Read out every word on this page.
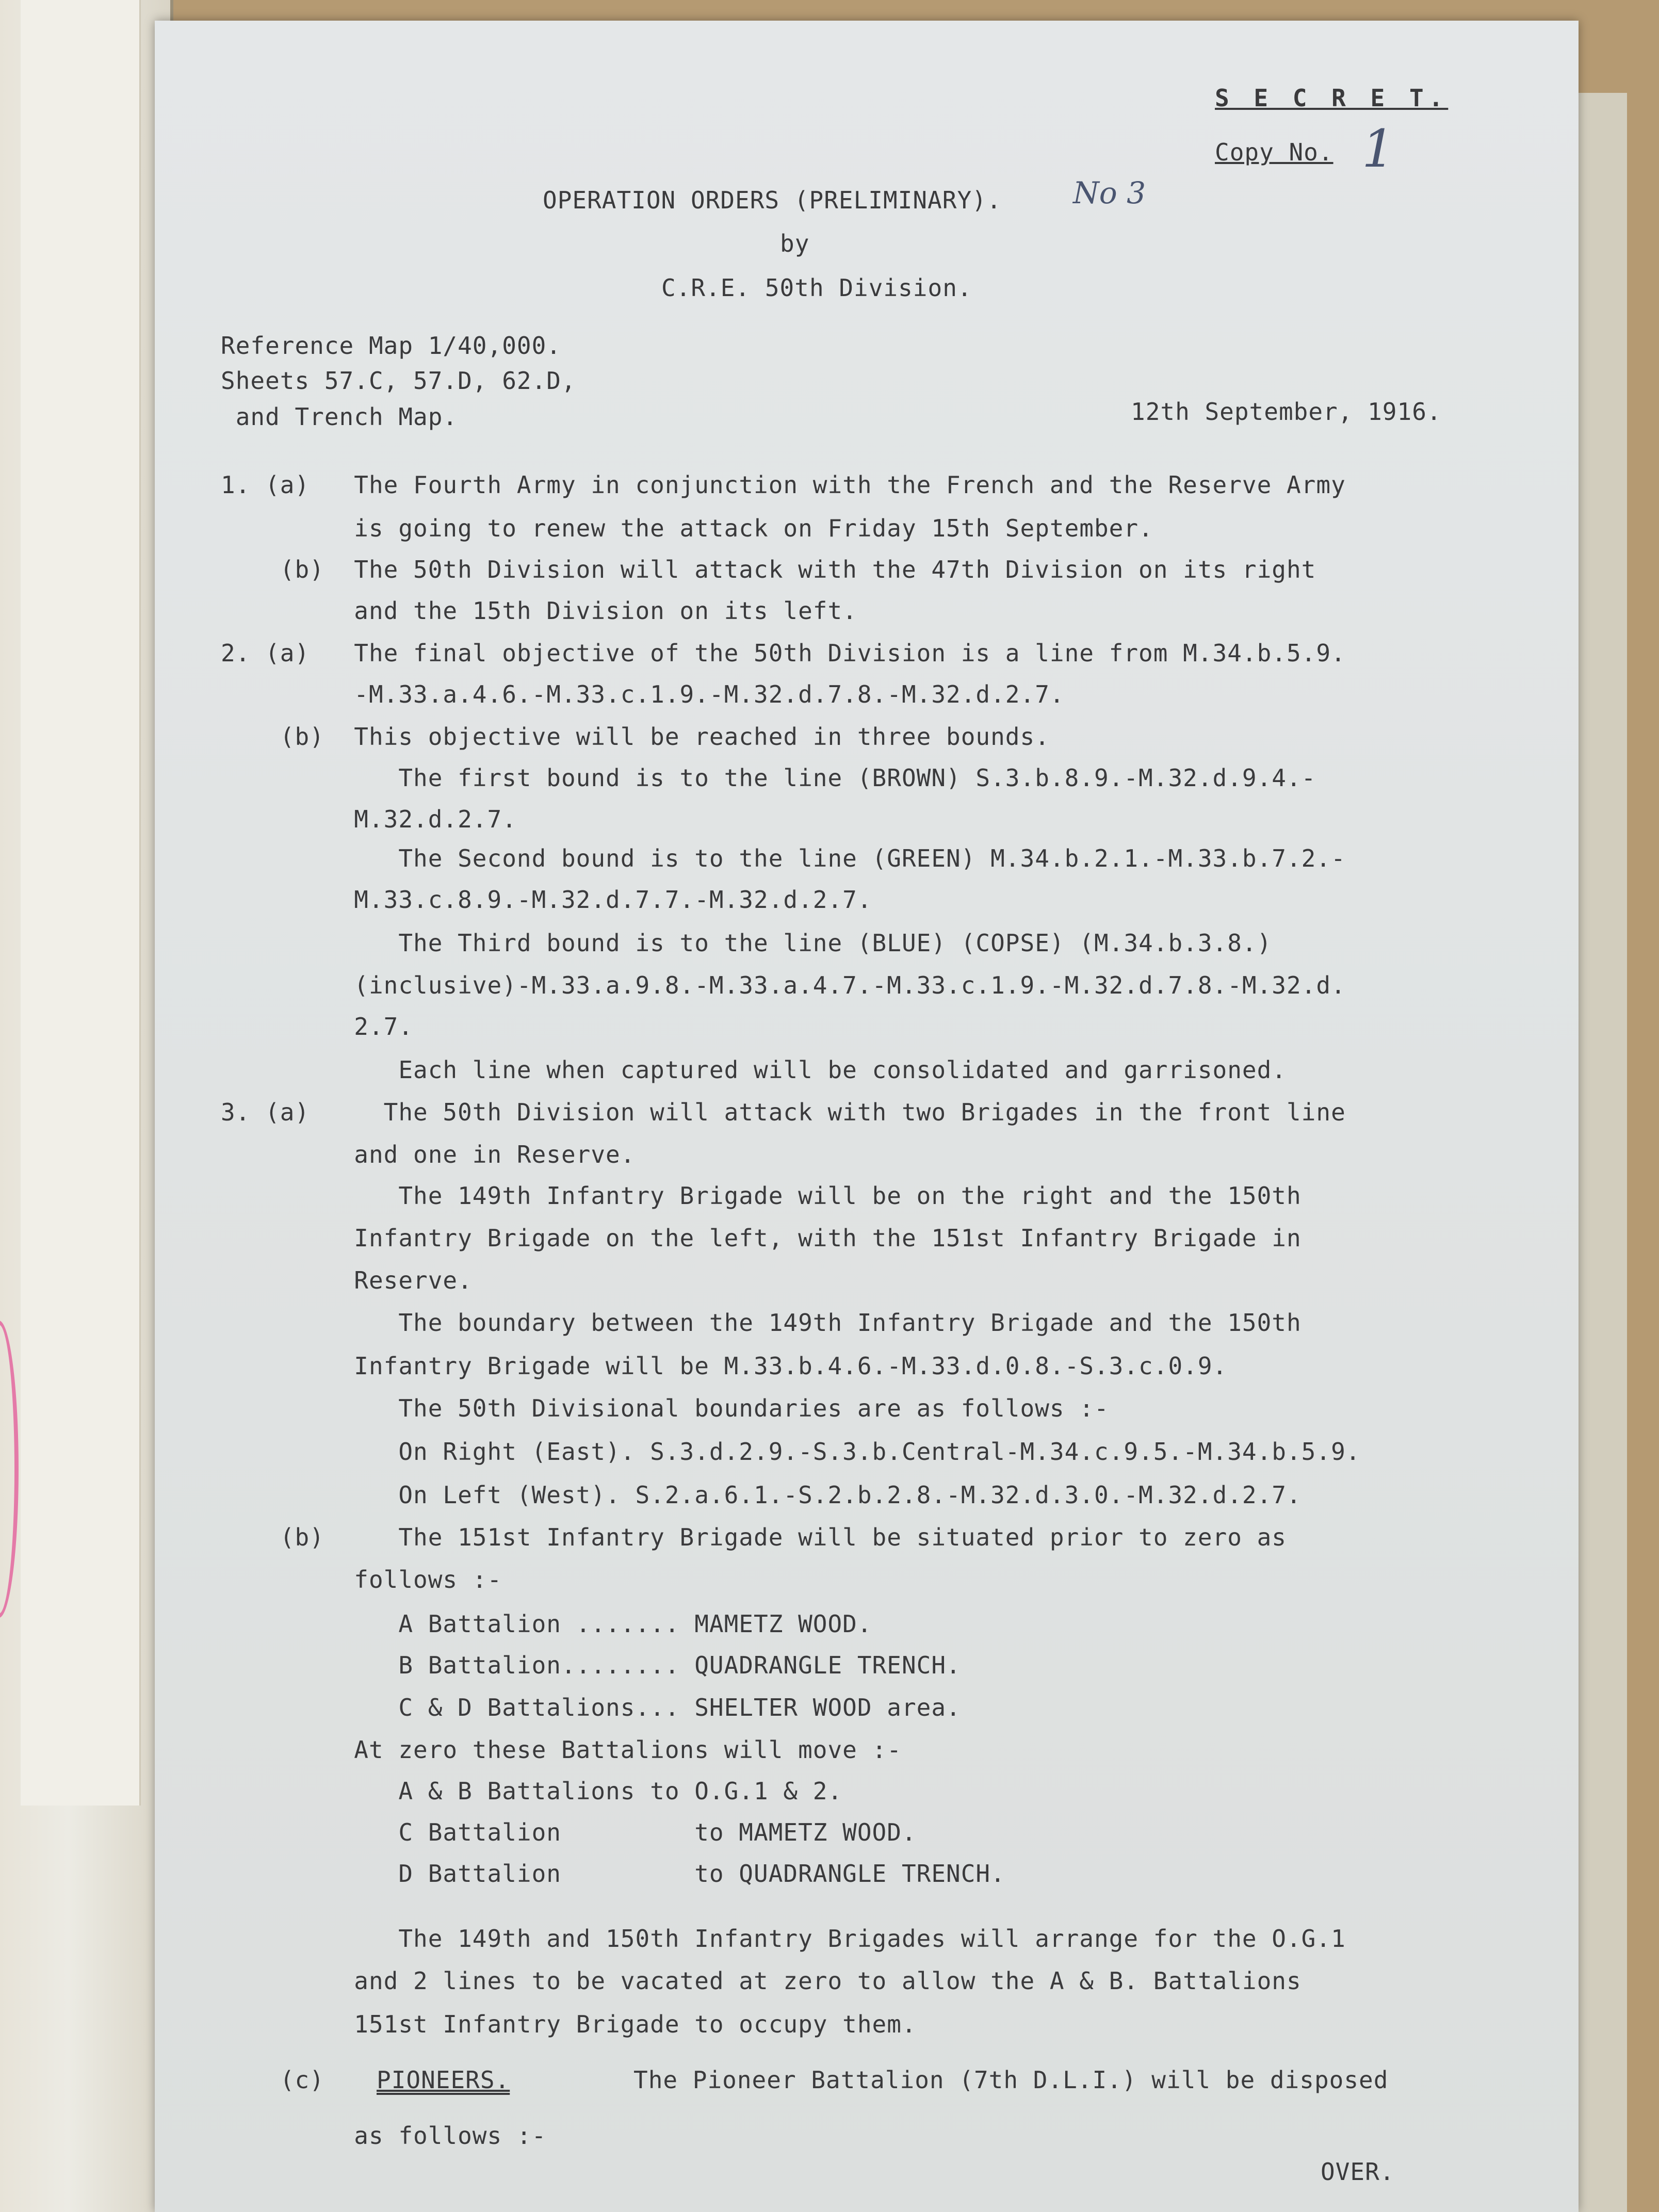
S E C R E T.
Copy No. 1
OPERATION ORDERS (PRELIMINARY). No 3
by
C.R.E. 50th Division.
Reference Map 1/40,000.
Sheets 57.C, 57.D, 62.D,
and Trench Map.	12th September, 1916.
1. (a)   The Fourth Army in conjunction with the French and the Reserve Army
is going to renew the attack on Friday 15th September.
(b)  The 50th Division will attack with the 47th Division on its right
and the 15th Division on its left.
2. (a)   The final objective of the 50th Division is a line from M.34.b.5.9.
-M.33.a.4.6.-M.33.c.1.9.-M.32.d.7.8.-M.32.d.2.7.
(b)  This objective will be reached in three bounds.
The first bound is to the line (BROWN) S.3.b.8.9.-M.32.d.9.4.-
M.32.d.2.7.
The Second bound is to the line (GREEN) M.34.b.2.1.-M.33.b.7.2.-
M.33.c.8.9.-M.32.d.7.7.-M.32.d.2.7.
The Third bound is to the line (BLUE) (COPSE) (M.34.b.3.8.)
(inclusive)-M.33.a.9.8.-M.33.a.4.7.-M.33.c.1.9.-M.32.d.7.8.-M.32.d.
2.7.
Each line when captured will be consolidated and garrisoned.
3. (a)     The 50th Division will attack with two Brigades in the front line
and one in Reserve.
The 149th Infantry Brigade will be on the right and the 150th
Infantry Brigade on the left, with the 151st Infantry Brigade in
Reserve.
The boundary between the 149th Infantry Brigade and the 150th
Infantry Brigade will be M.33.b.4.6.-M.33.d.0.8.-S.3.c.0.9.
The 50th Divisional boundaries are as follows :-
On Right (East). S.3.d.2.9.-S.3.b.Central-M.34.c.9.5.-M.34.b.5.9.
On Left (West). S.2.a.6.1.-S.2.b.2.8.-M.32.d.3.0.-M.32.d.2.7.
(b)     The 151st Infantry Brigade will be situated prior to zero as
follows :-
A Battalion ....... MAMETZ WOOD.
B Battalion........ QUADRANGLE TRENCH.
C & D Battalions... SHELTER WOOD area.
At zero these Battalions will move :-
A & B Battalions to O.G.1 & 2.
C Battalion         to MAMETZ WOOD.
D Battalion         to QUADRANGLE TRENCH.
The 149th and 150th Infantry Brigades will arrange for the O.G.1
and 2 lines to be vacated at zero to allow the A & B. Battalions
151st Infantry Brigade to occupy them.
(c) PIONEERS.	The Pioneer Battalion (7th D.L.I.) will be disposed
as follows :-
OVER.
